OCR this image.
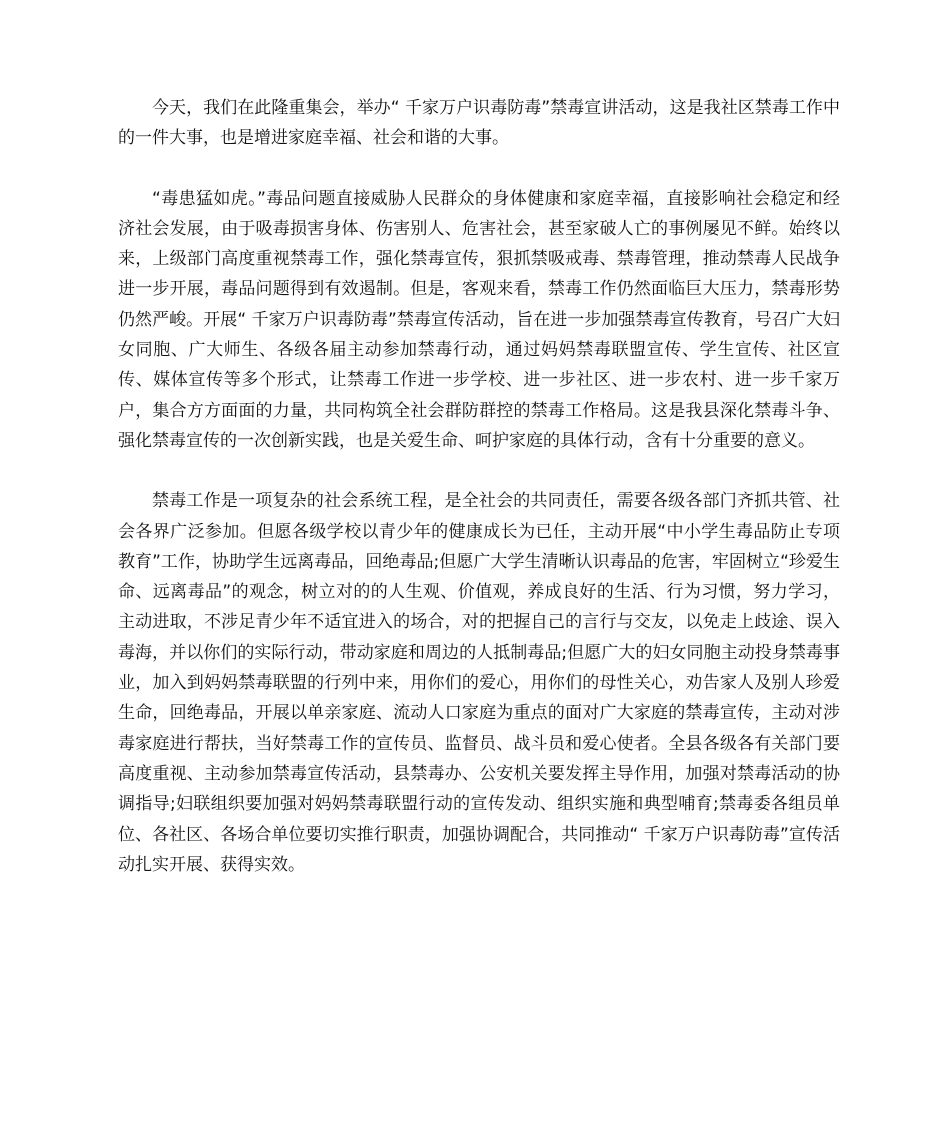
今天，我们在此隆重集会，举办“ 千家万户识毒防毒”禁毒宣讲活动，这是我社区禁毒工作中的一件大事，也是增进家庭幸福、社会和谐的大事。

“毒患猛如虎。”毒品问题直接威胁人民群众的身体健康和家庭幸福，直接影响社会稳定和经济社会发展，由于吸毒损害身体、伤害别人、危害社会，甚至家破人亡的事例屡见不鲜。始终以来，上级部门高度重视禁毒工作，强化禁毒宣传，狠抓禁吸戒毒、禁毒管理，推动禁毒人民战争进一步开展，毒品问题得到有效遏制。但是，客观来看，禁毒工作仍然面临巨大压力，禁毒形势仍然严峻。开展“ 千家万户识毒防毒”禁毒宣传活动，旨在进一步加强禁毒宣传教育，号召广大妇女同胞、广大师生、各级各届主动参加禁毒行动，通过妈妈禁毒联盟宣传、学生宣传、社区宣传、媒体宣传等多个形式，让禁毒工作进一步学校、进一步社区、进一步农村、进一步千家万户，集合方方面面的力量，共同构筑全社会群防群控的禁毒工作格局。这是我县深化禁毒斗争、强化禁毒宣传的一次创新实践，也是关爱生命、呵护家庭的具体行动，含有十分重要的意义。

禁毒工作是一项复杂的社会系统工程，是全社会的共同责任，需要各级各部门齐抓共管、社会各界广泛参加。但愿各级学校以青少年的健康成长为已任，主动开展“中小学生毒品防止专项教育”工作，协助学生远离毒品，回绝毒品;但愿广大学生清晰认识毒品的危害，牢固树立“珍爱生命、远离毒品”的观念，树立对的的人生观、价值观，养成良好的生活、行为习惯，努力学习，主动进取，不涉足青少年不适宜进入的场合，对的把握自己的言行与交友，以免走上歧途、误入毒海，并以你们的实际行动，带动家庭和周边的人抵制毒品;但愿广大的妇女同胞主动投身禁毒事业，加入到妈妈禁毒联盟的行列中来，用你们的爱心，用你们的母性关心，劝告家人及别人珍爱生命，回绝毒品，开展以单亲家庭、流动人口家庭为重点的面对广大家庭的禁毒宣传，主动对涉毒家庭进行帮扶，当好禁毒工作的宣传员、监督员、战斗员和爱心使者。全县各级各有关部门要高度重视、主动参加禁毒宣传活动，县禁毒办、公安机关要发挥主导作用，加强对禁毒活动的协调指导;妇联组织要加强对妈妈禁毒联盟行动的宣传发动、组织实施和典型哺育;禁毒委各组员单位、各社区、各场合单位要切实推行职责，加强协调配合，共同推动“ 千家万户识毒防毒”宣传活动扎实开展、获得实效。
